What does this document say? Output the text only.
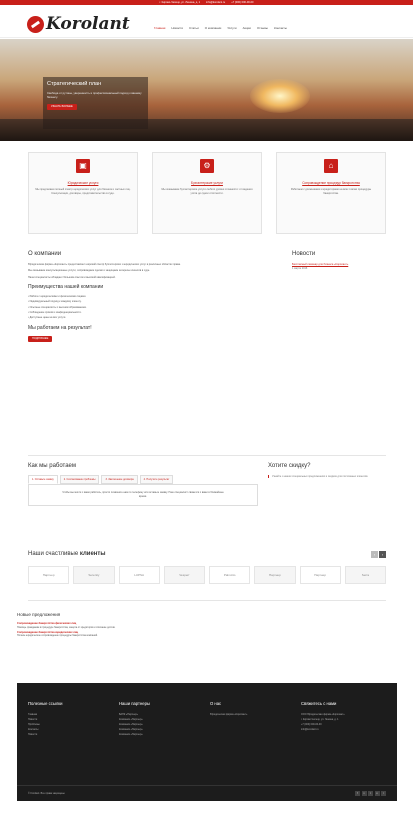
г. Кирово-Чепецк, ул. Ленина, д. 1 info@korolant.ru +7 (000) 000-00-00
Korolant	Главная Новости Статьи О компании Услуги Акции Отзывы Контакты
Стратегический план

Свобода от рутины, уверенность и профессиональный подход к вашему бизнесу.

УЗНАТЬ БОЛЬШЕ
▣
Юридические услуги
Мы предлагаем полный спектр юридических услуг для бизнеса и частных лиц. Консультации, договоры, представительство в суде.
⚙
Бухгалтерские услуги
Мы оказываем бухгалтерские услуги любого уровня сложности: от ведения учёта до сдачи отчётности.
⌂
Сопровождение процедур банкротства
Работаем с должниками и кредиторами на всех этапах процедуры банкротства.
О компании

Юридическая фирма «Королант» предоставляет широкий спектр бухгалтерских и юридических услуг в различных областях права.

Мы оказываем консультационные услуги, сопровождаем сделки и защищаем интересы клиентов в суде.

Наши специалисты обладают большим опытом и высокой квалификацией.

Преимущества нашей компании
• Работа с юридическими и физическими лицами.
• Индивидуальный подход к каждому клиенту.
• Опытные специалисты с высшим образованием.
• Соблюдение сроков и конфиденциальности.
• Доступные цены на все услуги.
Мы работаем на результат!
ПОДРОБНЕЕ
Новости
Бесплатный семинар для бизнеса «Королант»
1 марта 2016
Как мы работаем
1. Оставьте заявку	2. Согласование проблемы	3. Заключение договора	4. Получите результат
Чтобы мы могли с вами работать, просто позвоните нам по телефону или оставьте заявку. Наш специалист свяжется с вами в ближайшее время.
Хотите скидку?
Узнайте о наших специальных предложениях и скидках для постоянных клиентов.
Наши счастливые клиенты	‹	›
Партнер	Serenity	LUPSA	Vesperr	Palmcito	Партнер	Партнер	Serra
Новые предложения
Сопровождение банкротства физических лиц
Помощь гражданам в процедуре банкротства, защита от кредиторов и списание долгов.
Сопровождение банкротства юридических лиц
Полное юридическое сопровождение процедуры банкротства компаний.
Полезные ссылки
Главная
Новости
Проблемы
Контакты
Новости
Наши партнеры
БАНК «Партнер»
Компания «Партнер»
Компания «Партнер»
Компания «Партнер»
Компания «Партнер»
О нас
Юридическая фирма «Королант»
Свяжитесь с нами
ООО Юридическая фирма «Королант»
г. Кирово-Чепецк, ул. Ленина, д. 1
+7 (000) 000-00-00
info@korolant.ru
© Korolant. Все права защищены	f	v	t	o	r
